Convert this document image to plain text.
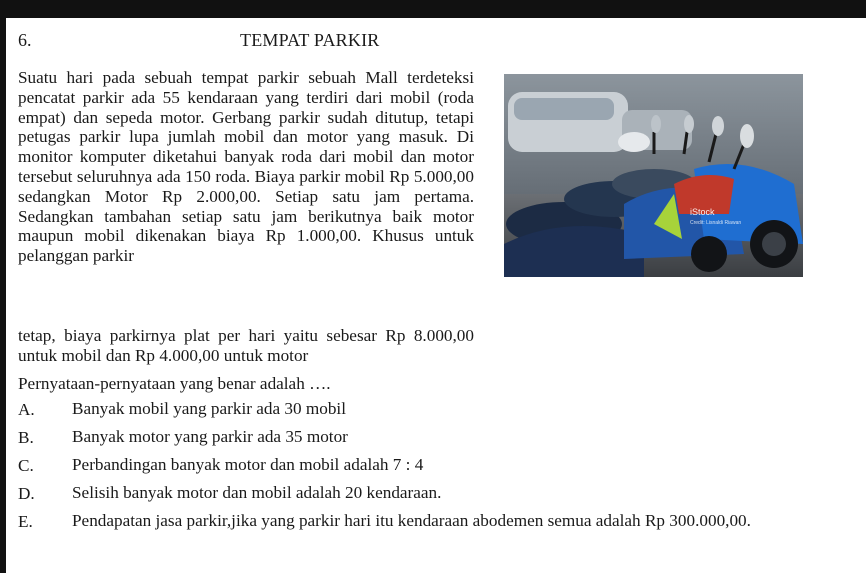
6.	TEMPAT PARKIR

Suatu hari pada sebuah tempat parkir sebuah Mall terdeteksi pencatat parkir ada 55 kendaraan yang terdiri dari mobil (roda empat) dan sepeda motor. Gerbang parkir sudah ditutup, tetapi petugas parkir lupa jumlah mobil dan motor yang masuk. Di monitor komputer diketahui banyak roda dari mobil dan motor tersebut seluruhnya ada 150 roda. Biaya parkir mobil Rp 5.000,00 sedangkan Motor Rp 2.000,00. Setiap satu jam pertama. Sedangkan tambahan setiap satu jam berikutnya baik motor maupun mobil dikenakan biaya Rp 1.000,00. Khusus untuk pelanggan parkir

tetap, biaya parkirnya plat per hari yaitu sebesar Rp 8.000,00 untuk mobil dan Rp 4.000,00 untuk motor

iStock
Credit: Lisnaldi Riawan
Pernyataan-pernyataan yang benar adalah ….
A. Banyak mobil yang parkir ada 30 mobil
B. Banyak motor yang parkir ada 35 motor
C. Perbandingan banyak motor dan mobil adalah 7 : 4
D. Selisih banyak motor dan mobil adalah 20 kendaraan.
E. Pendapatan jasa parkir,jika yang parkir hari itu kendaraan abodemen semua adalah Rp 300.000,00.
